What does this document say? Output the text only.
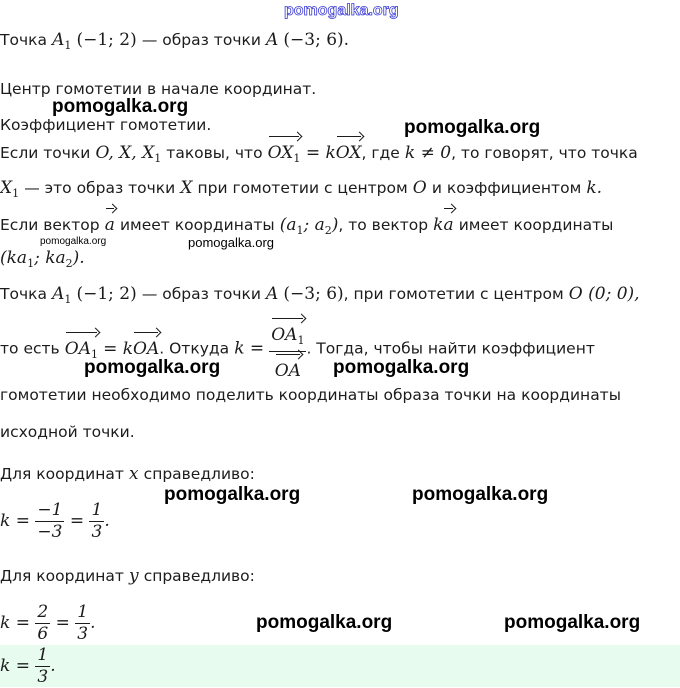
pomogalka.org
Точка $A_1$ (−1; 2) — образ точки A (−3; 6).
Центр гомотетии в начале координат.
pomogalka.org
Коэффициент гомотетии.	pomogalka.org
Если точки O, X, $X_1$ таковы, что $OX_1$ = kOX, где k ≠ 0, то говорят, что точка
$X_1$ — это образ точки X при гомотетии с центром O и коэффициентом k.
Если вектор a имеет координаты ($a_1$; $a_2$), то вектор ka имеет координаты
pomogalka.org	pomogalka.org
($ka_1$; $ka_2$).
Точка $A_1$ (−1; 2) — образ точки A (−3; 6), при гомотетии с центром O (0; 0),
то есть $OA_1$ = kOA. Откуда $k = \frac{OA_1}{OA}$ . Тогда, чтобы найти коэффициент
pomogalka.org	pomogalka.org
гомотетии необходимо поделить координаты образа точки на координаты
исходной точки.
Для координат x справедливо:
pomogalka.org	pomogalka.org
$k = \frac{-1}{-3} = \frac{1}{3}$ .
Для координат y справедливо:
$k = \frac{2}{6} = \frac{1}{3}$ .	pomogalka.org	pomogalka.org
$k = \frac{1}{3}$ .
